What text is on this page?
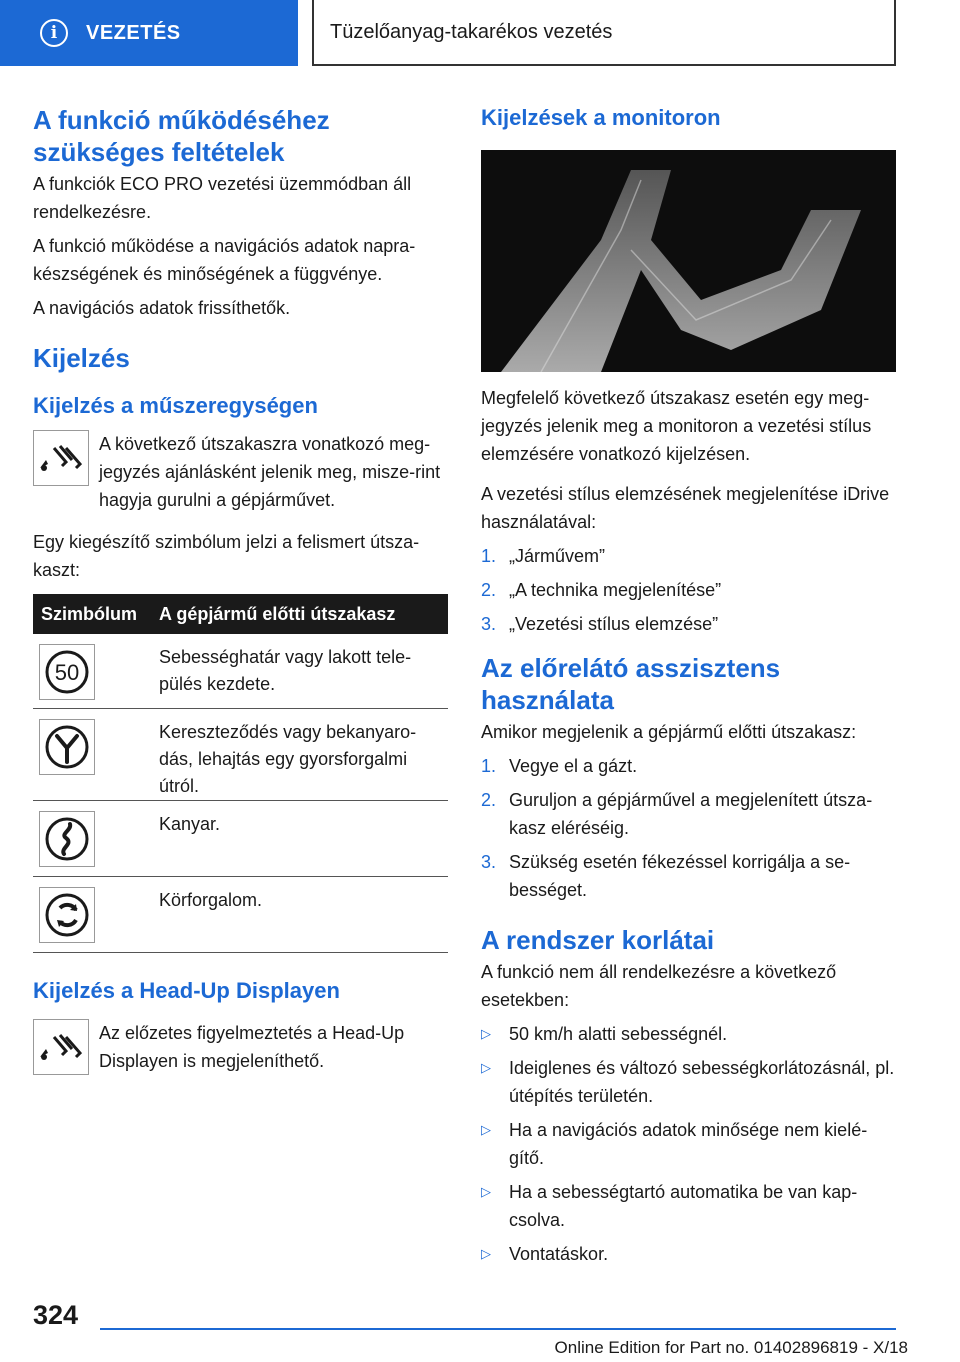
i	VEZETÉS	Tüzelőanyag-takarékos vezetés
A funkció működéséhez szükséges feltételek

A funkciók ECO PRO vezetési üzemmódban áll rendelkezésre.

A funkció működése a navigációs adatok napra-készségének és minőségének a függvénye.

A navigációs adatok frissíthetők.

Kijelzés
Kijelzés a műszeregységen

A következő útszakaszra vonatkozó meg-jegyzés ajánlásként jelenik meg, misze-rint hagyja gurulni a gépjárművet.

Egy kiegészítő szimbólum jelzi a felismert útsza-kaszt:

Szimbólum	A gépjármű előtti útszakasz

50	Sebességhatár vagy lakott tele-pülés kezdete.

	Kereszteződés vagy bekanyaro-dás, lehajtás egy gyorsforgalmi útról.

	Kanyar.

	Körforgalom.
Kijelzés a Head-Up Displayen

Az előzetes figyelmeztetés a Head-Up Displayen is megjeleníthető.

Kijelzések a monitoron

Megfelelő következő útszakasz esetén egy meg-jegyzés jelenik meg a monitoron a vezetési stílus elemzésére vonatkozó kijelzésen.

A vezetési stílus elemzésének megjelenítése iDrive használatával:

1. „Járművem”
2. „A technika megjelenítése”
3. „Vezetési stílus elemzése”
Az előrelátó asszisztens használata

Amikor megjelenik a gépjármű előtti útszakasz:

1. Vegye el a gázt.
2. Guruljon a gépjárművel a megjelenített útsza-kasz eléréséig.
3. Szükség esetén fékezéssel korrigálja a se-bességet.
A rendszer korlátai

A funkció nem áll rendelkezésre a következő esetekben:

▷	50 km/h alatti sebességnél.
▷	Ideiglenes és változó sebességkorlátozásnál, pl. útépítés területén.
▷	Ha a navigációs adatok minősége nem kielé-gítő.
▷	Ha a sebességtartó automatika be van kap-csolva.
▷	Vontatáskor.
324
Online Edition for Part no. 01402896819 - X/18
